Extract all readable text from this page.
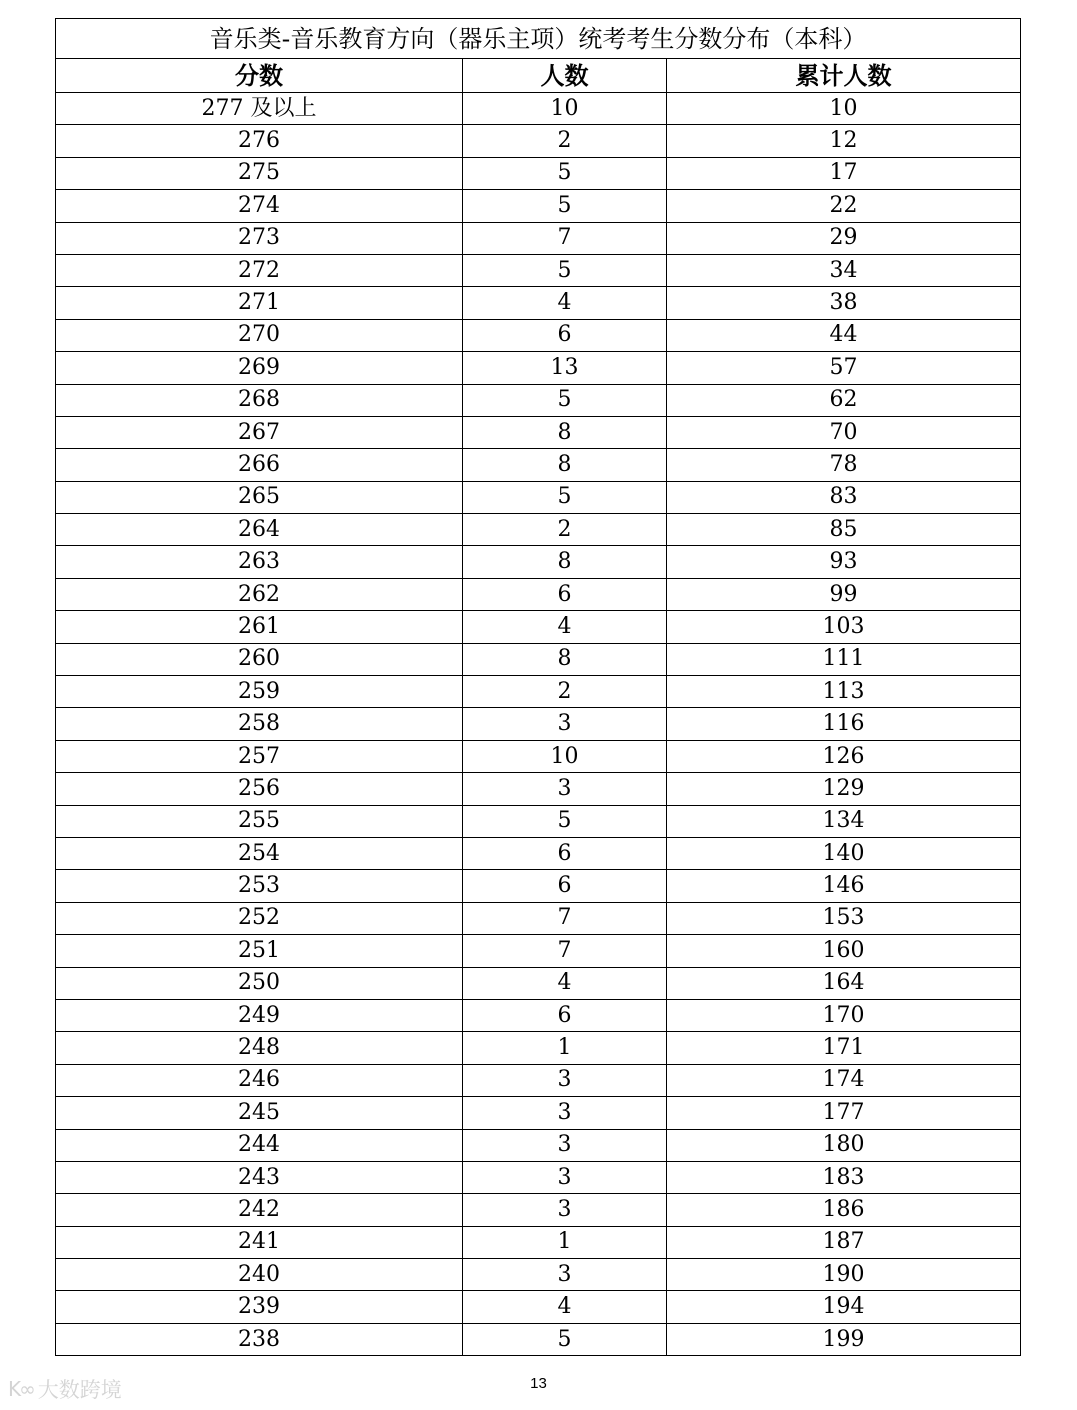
音乐类-音乐教育方向（器乐主项）统考考生分数分布（本科）		
分数	人数	累计人数
277 及以上	10	10
276	2	12
275	5	17
274	5	22
273	7	29
272	5	34
271	4	38
270	6	44
269	13	57
268	5	62
267	8	70
266	8	78
265	5	83
264	2	85
263	8	93
262	6	99
261	4	103
260	8	111
259	2	113
258	3	116
257	10	126
256	3	129
255	5	134
254	6	140
253	6	146
252	7	153
251	7	160
250	4	164
249	6	170
248	1	171
246	3	174
245	3	177
244	3	180
243	3	183
242	3	186
241	1	187
240	3	190
239	4	194
238	5	199
13
K∞ 大数跨境
